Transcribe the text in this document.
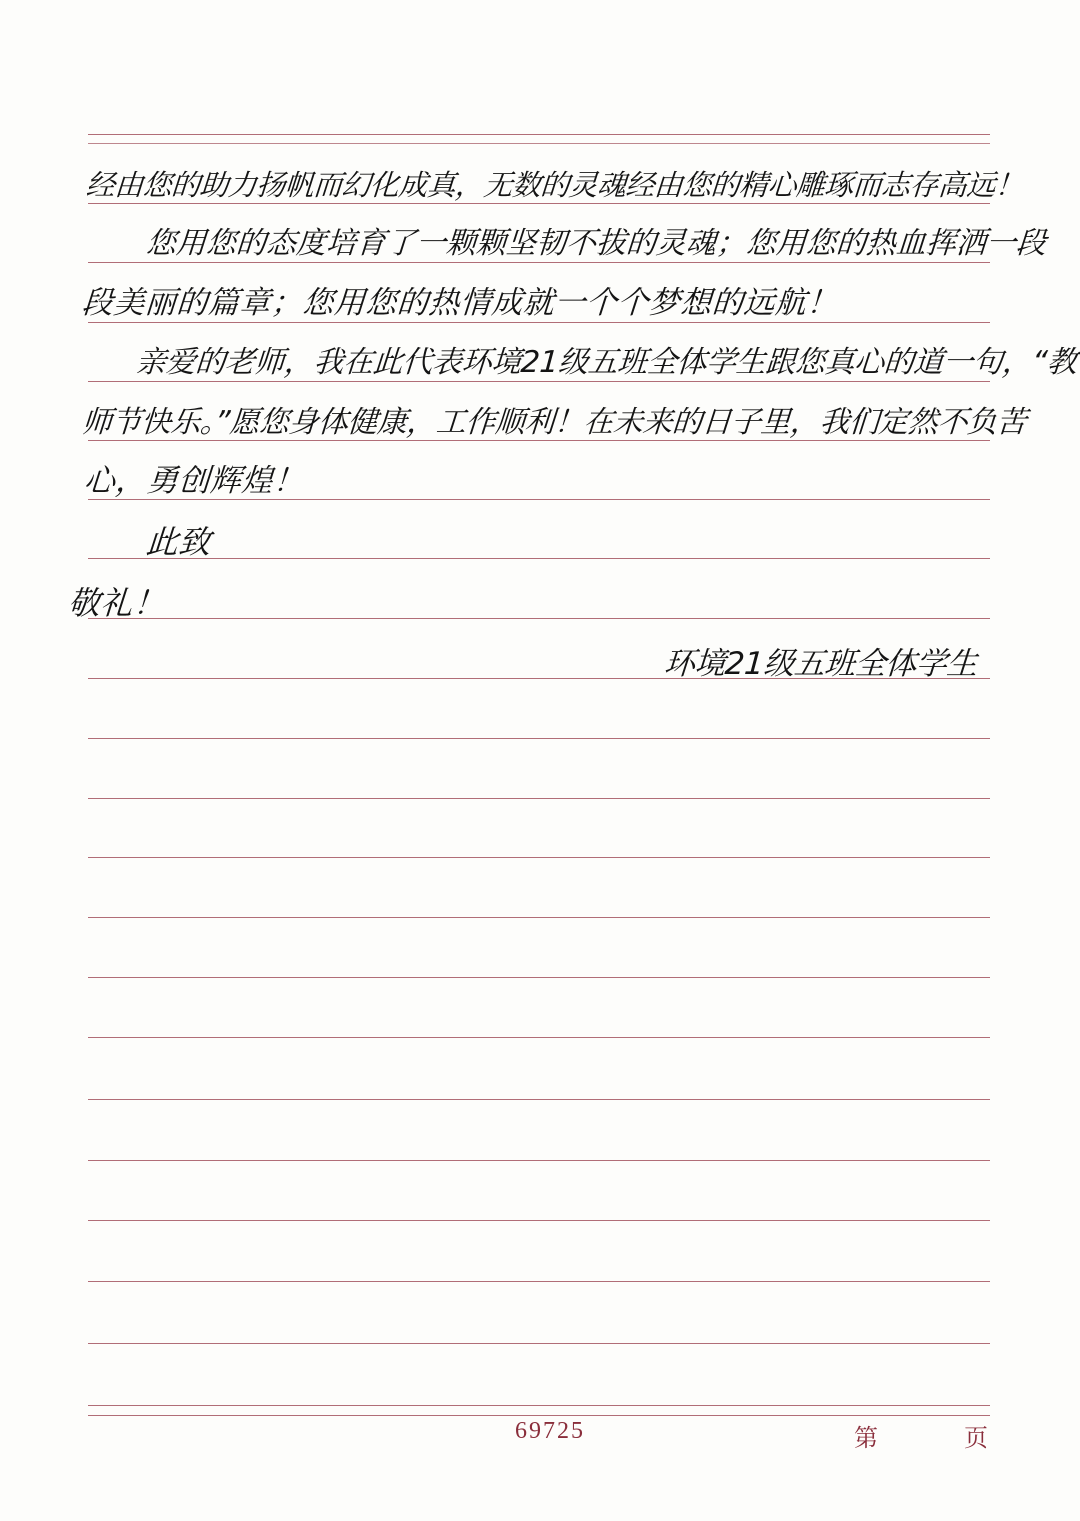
经由您的助力扬帆而幻化成真，无数的灵魂经由您的精心雕琢而志存高远！
您用您的态度培育了一颗颗坚韧不拔的灵魂；您用您的热血挥洒一段
段美丽的篇章；您用您的热情成就一个个梦想的远航！
亲爱的老师，我在此代表环境21级五班全体学生跟您真心的道一句，“教
师节快乐。”愿您身体健康，工作顺利！在未来的日子里，我们定然不负苦
心，勇创辉煌！
此致
敬礼！
环境21级五班全体学生
69725	第	页
